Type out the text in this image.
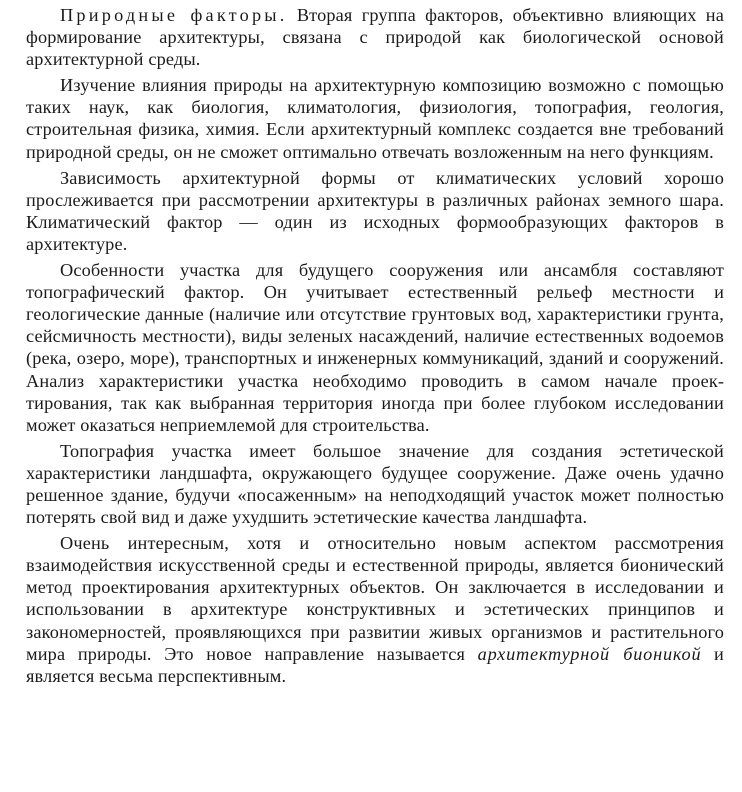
Природные факторы. Вторая группа факторов, объективно влияющих на формирование архитектуры, связана с природой как биологической основой архитектурной среды.

Изучение влияния природы на архитектурную композицию возможно с помощью таких наук, как биология, климатология, физиология, топография, геология, строительная физика, химия. Если архитектурный комплекс создается вне требований природной среды, он не сможет оптимально отвечать возложенным на него функциям.

Зависимость архитектурной формы от климатических условий хорошо прослеживается при рассмотрении архитектуры в различных районах земного шара. Климатический фактор — один из исходных формообразующих факторов в архитектуре.

Особенности участка для будущего сооружения или ансамбля составляют топографический фактор. Он учитывает естественный рельеф местности и геологические данные (наличие или отсутствие грунтовых вод, характеристики грунта, сейсмичность местности), виды зеленых насаждений, наличие естественных водоемов (река, озеро, море), транспортных и инженерных коммуникаций, зданий и сооружений. Анализ характеристики участка необходимо проводить в самом начале проектирования, так как выбранная территория иногда при более глубоком исследовании может оказаться неприемлемой для строительства.

Топография участка имеет большое значение для создания эстетической характеристики ландшафта, окружающего будущее сооружение. Даже очень удачно решенное здание, будучи «посаженным» на неподходящий участок может полностью потерять свой вид и даже ухудшить эстетические качества ландшафта.

Очень интересным, хотя и относительно новым аспектом рассмотрения взаимодействия искусственной среды и естественной природы, является бионический метод проектирования архитектурных объектов. Он заключается в исследовании и использовании в архитектуре конструктивных и эстетических принципов и закономерностей, проявляющихся при развитии живых организмов и растительного мира природы. Это новое направление называется архитектурной бионикой и является весьма перспективным.
